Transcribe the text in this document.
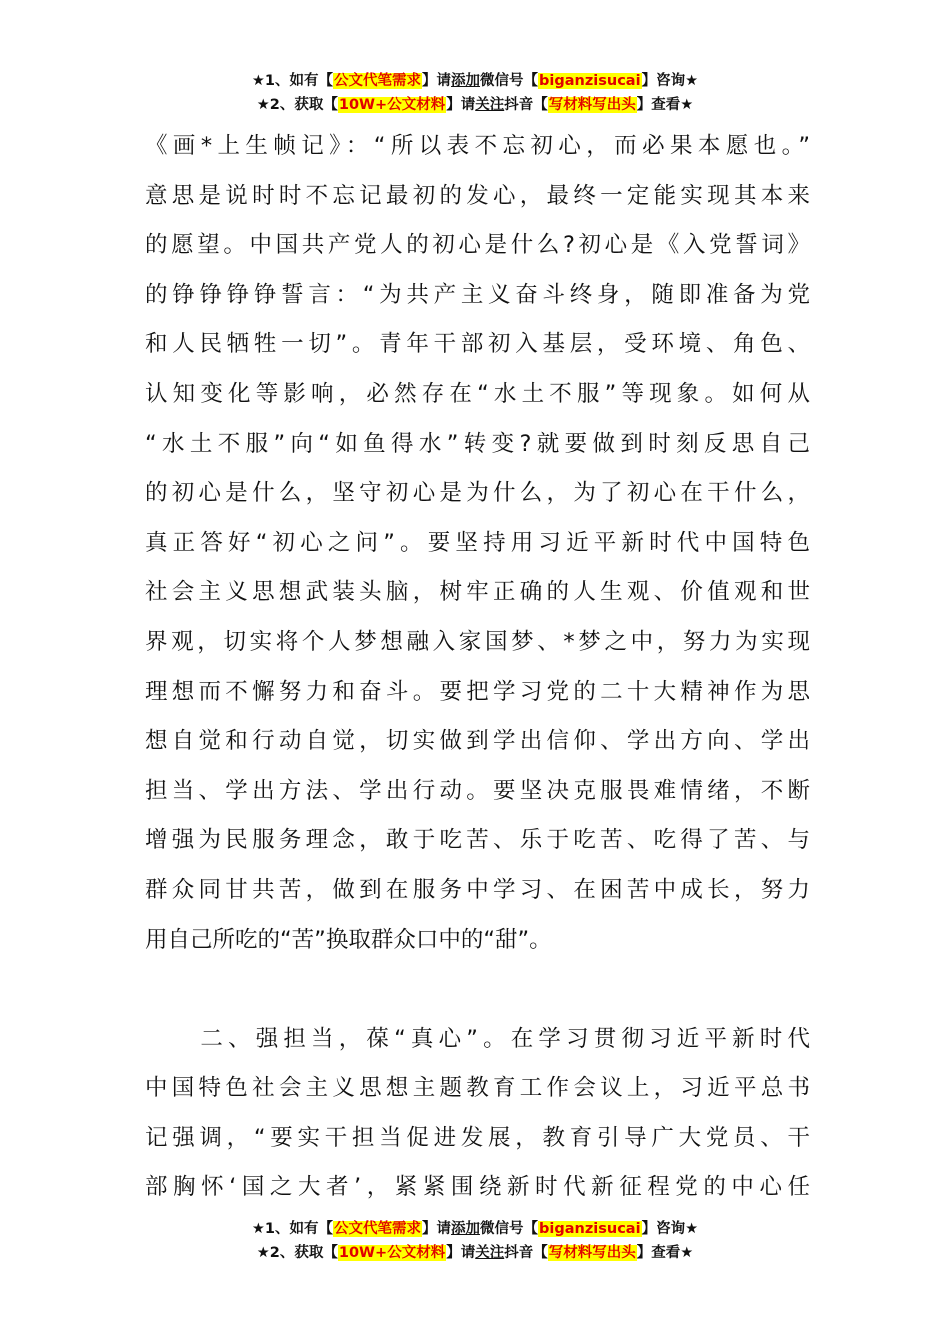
★1、如有【公文代笔需求】请添加微信号【biganzisucai】咨询★
★2、获取【10W+公文材料】请关注抖音【写材料写出头】查看★
《画*上生帧记》：“所以表不忘初心，而必果本愿也。”
意思是说时时不忘记最初的发心，最终一定能实现其本来
的愿望。中国共产党人的初心是什么?初心是《入党誓词》
的铮铮铮铮誓言：“为共产主义奋斗终身，随即准备为党
和人民牺牲一切”。青年干部初入基层，受环境、角色、
认知变化等影响，必然存在“水土不服”等现象。如何从
“水土不服”向“如鱼得水”转变?就要做到时刻反思自己
的初心是什么，坚守初心是为什么，为了初心在干什么，
真正答好“初心之问”。要坚持用习近平新时代中国特色
社会主义思想武装头脑，树牢正确的人生观、价值观和世
界观，切实将个人梦想融入家国梦、*梦之中，努力为实现
理想而不懈努力和奋斗。要把学习党的二十大精神作为思
想自觉和行动自觉，切实做到学出信仰、学出方向、学出
担当、学出方法、学出行动。要坚决克服畏难情绪，不断
增强为民服务理念，敢于吃苦、乐于吃苦、吃得了苦、与
群众同甘共苦，做到在服务中学习、在困苦中成长，努力
用自己所吃的“苦”换取群众口中的“甜”。
　　二、强担当，葆“真心”。在学习贯彻习近平新时代
中国特色社会主义思想主题教育工作会议上，习近平总书
记强调，“要实干担当促进发展，教育引导广大党员、干
部胸怀‘国之大者’，紧紧围绕新时代新征程党的中心任
★1、如有【公文代笔需求】请添加微信号【biganzisucai】咨询★
★2、获取【10W+公文材料】请关注抖音【写材料写出头】查看★
